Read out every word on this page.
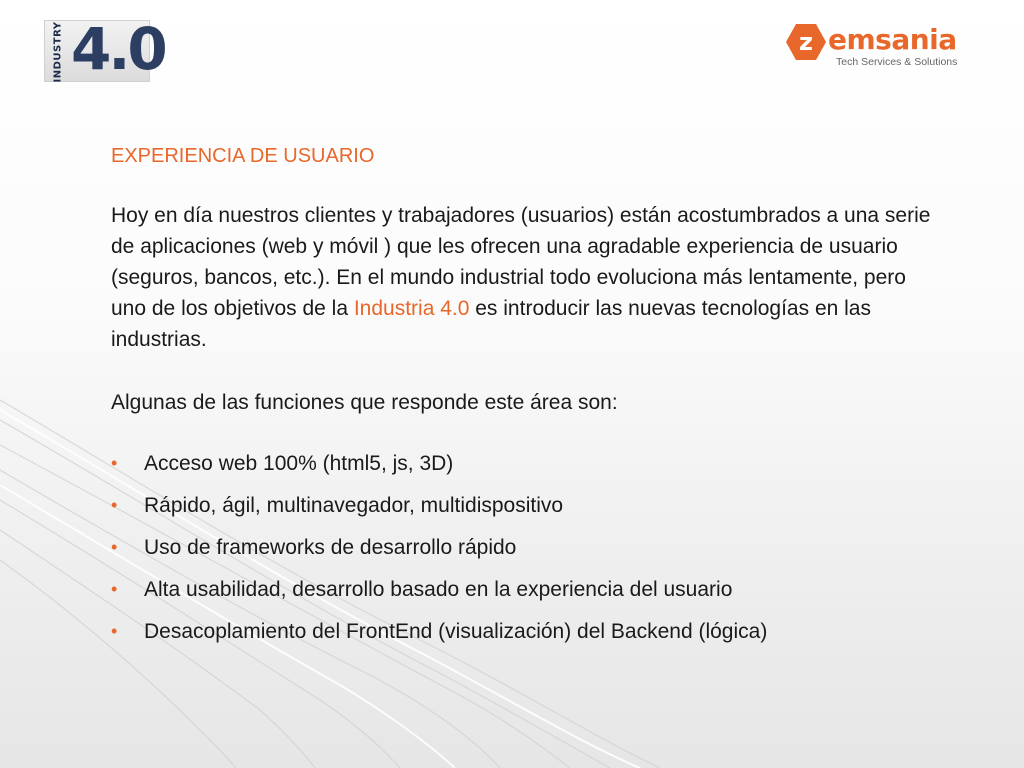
INDUSTRY 4.0	z emsania
Tech Services & Solutions
EXPERIENCIA DE USUARIO

Hoy en día nuestros clientes y trabajadores (usuarios) están acostumbrados a una serie de aplicaciones (web y móvil ) que les ofrecen una agradable experiencia de usuario (seguros, bancos, etc.). En el mundo industrial todo evoluciona más lentamente, pero uno de los objetivos de la Industria 4.0 es introducir las nuevas tecnologías en las industrias.

Algunas de las funciones que responde este área son:

• Acceso web 100% (html5, js, 3D)
• Rápido, ágil, multinavegador, multidispositivo
• Uso de frameworks de desarrollo rápido
• Alta usabilidad, desarrollo basado en la experiencia del usuario
• Desacoplamiento del FrontEnd (visualización) del Backend (lógica)
